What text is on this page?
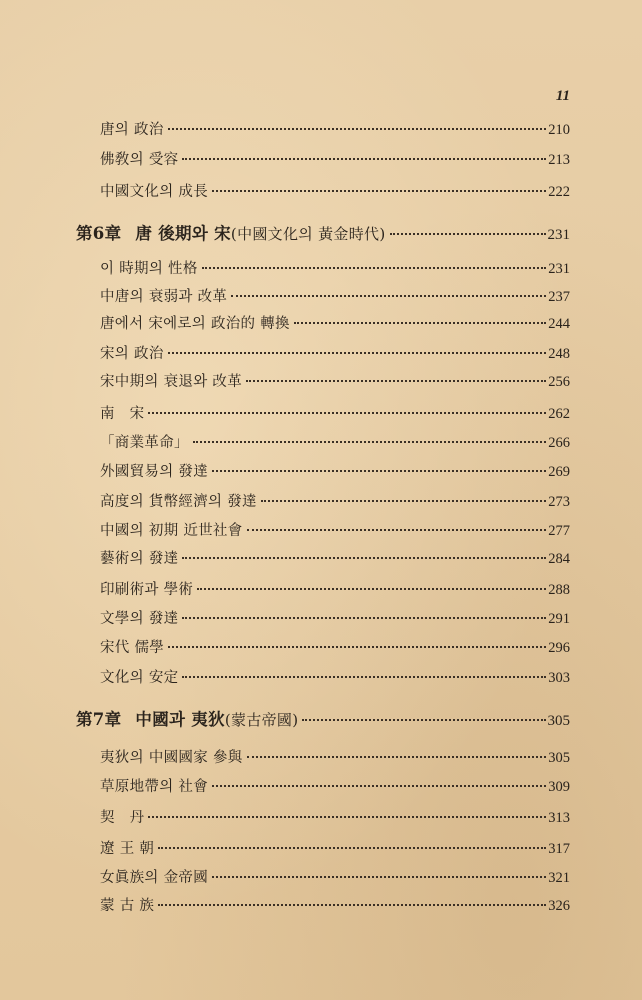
11
唐의 政治	210
佛敎의 受容	213
中國文化의 成長	222
第6章 唐 後期와 宋(中國文化의 黃金時代)	231
이 時期의 性格	231
中唐의 衰弱과 改革	237
唐에서 宋에로의 政治的 轉換	244
宋의 政治	248
宋中期의 衰退와 改革	256
南　宋	262
「商業革命」	266
外國貿易의 發達	269
高度의 貨幣經濟의 發達	273
中國의 初期 近世社會	277
藝術의 發達	284
印刷術과 學術	288
文學의 發達	291
宋代 儒學	296
文化의 安定	303
第7章 中國과 夷狄(蒙古帝國)	305
夷狄의 中國國家 參與	305
草原地帶의 社會	309
契　丹	313
遼 王 朝	317
女眞族의 金帝國	321
蒙 古 族	326
